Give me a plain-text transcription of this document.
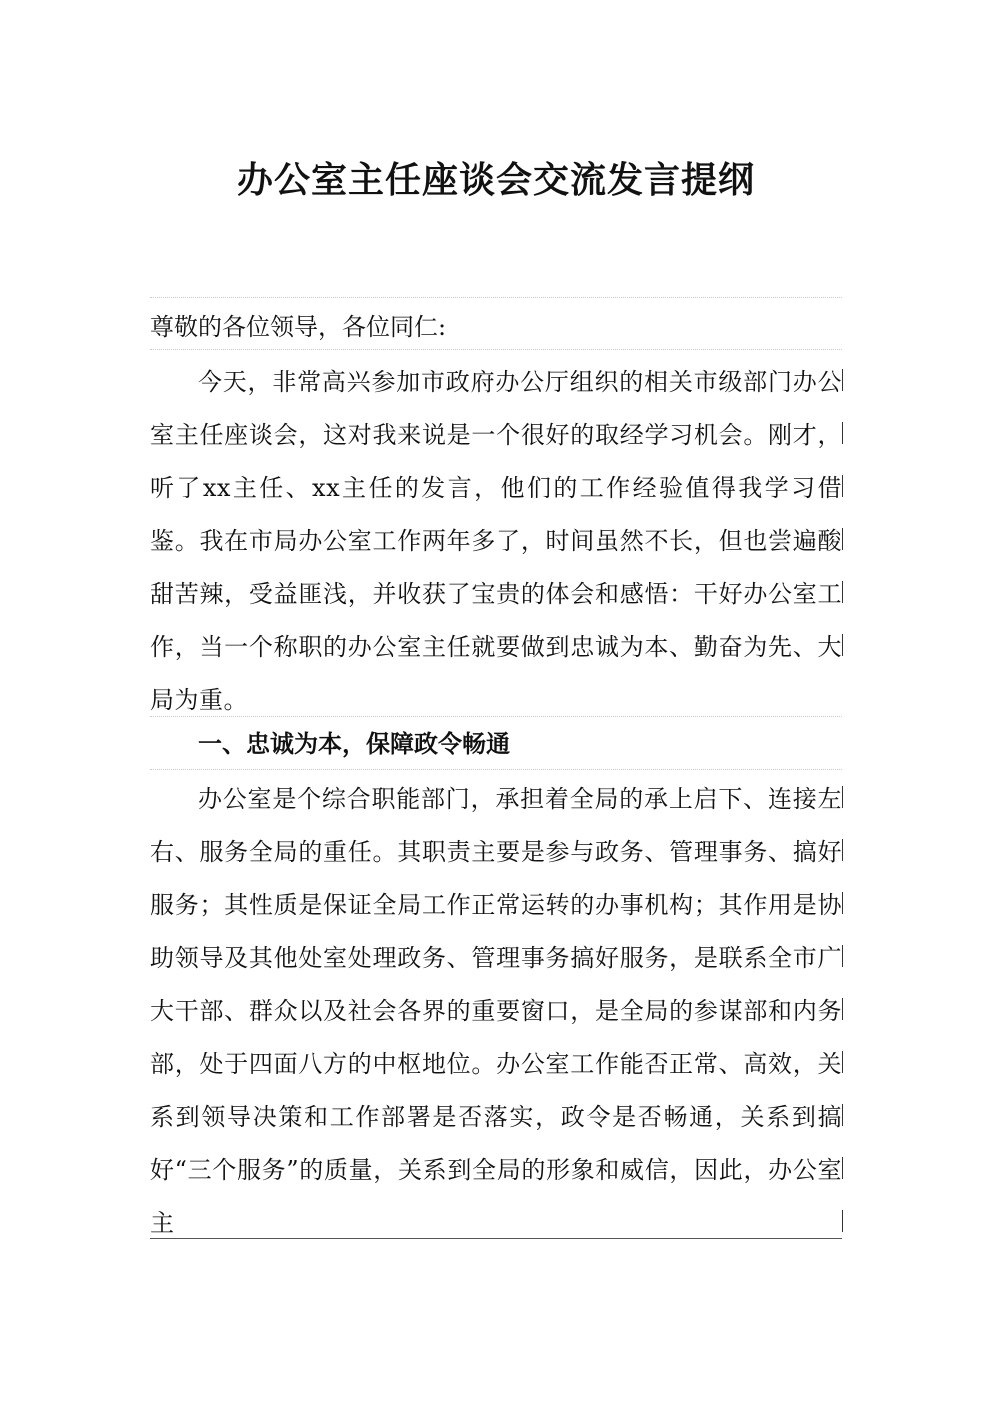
办公室主任座谈会交流发言提纲
尊敬的各位领导，各位同仁:

今天，非常高兴参加市政府办公厅组织的相关市级部门办公室主任座谈会，这对我来说是一个很好的取经学习机会。刚才，听了xx主任、xx主任的发言，他们的工作经验值得我学习借鉴。我在市局办公室工作两年多了，时间虽然不长，但也尝遍酸甜苦辣，受益匪浅，并收获了宝贵的体会和感悟：干好办公室工作，当一个称职的办公室主任就要做到忠诚为本、勤奋为先、大局为重。

一、忠诚为本，保障政令畅通

办公室是个综合职能部门，承担着全局的承上启下、连接左右、服务全局的重任。其职责主要是参与政务、管理事务、搞好服务；其性质是保证全局工作正常运转的办事机构；其作用是协助领导及其他处室处理政务、管理事务搞好服务，是联系全市广大干部、群众以及社会各界的重要窗口，是全局的参谋部和内务部，处于四面八方的中枢地位。办公室工作能否正常、高效，关系到领导决策和工作部署是否落实，政令是否畅通，关系到搞好“三个服务”的质量，关系到全局的形象和威信，因此，办公室主
